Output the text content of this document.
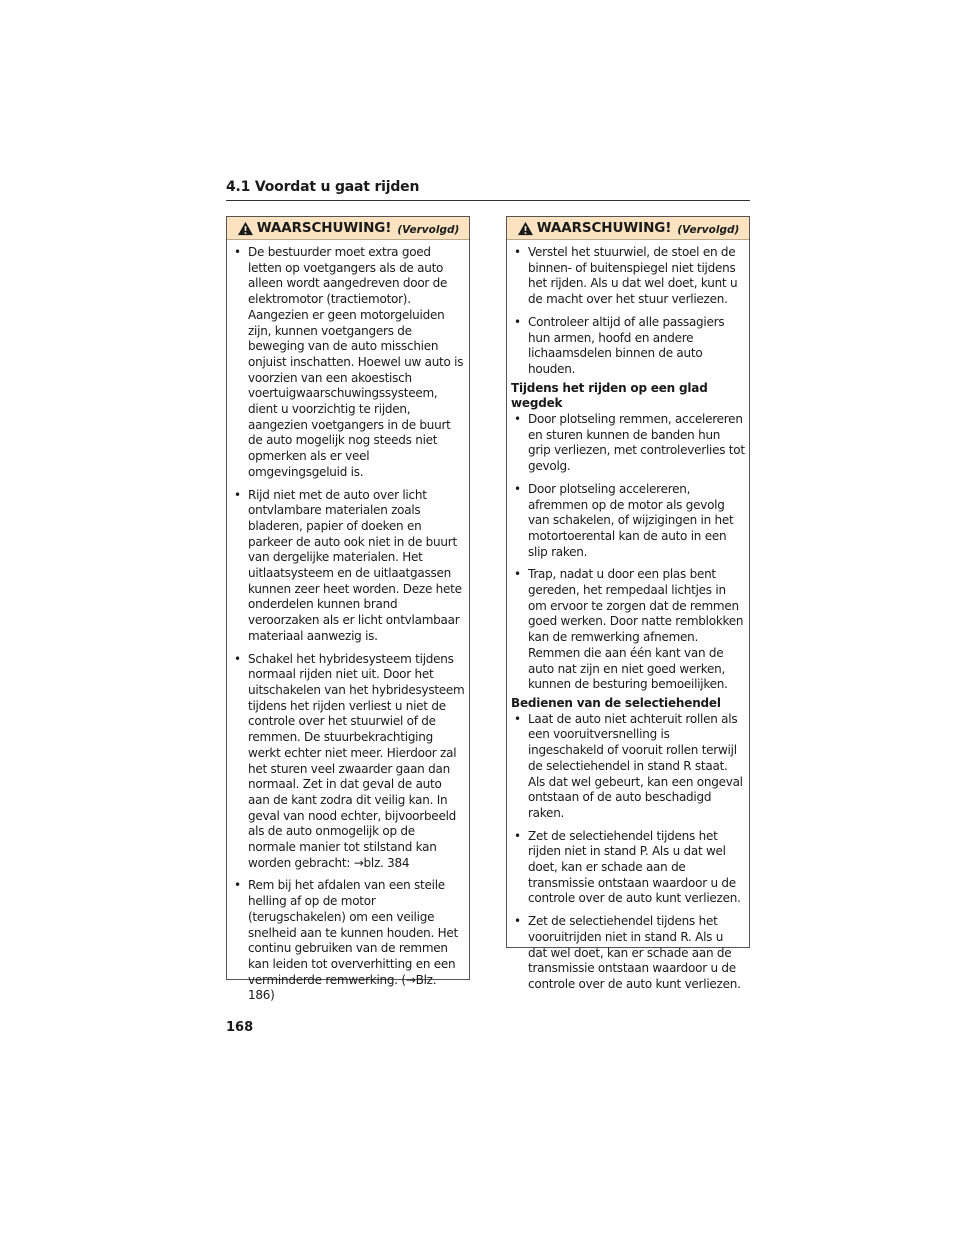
4.1 Voordat u gaat rijden
WAARSCHUWING! (Vervolgd)
• De bestuurder moet extra goed letten op voetgangers als de auto alleen wordt aangedreven door de elektromotor (tractiemotor). Aangezien er geen motorgeluiden zijn, kunnen voetgangers de beweging van de auto misschien onjuist inschatten. Hoewel uw auto is voorzien van een akoestisch voertuigwaarschuwingssysteem, dient u voorzichtig te rijden, aangezien voetgangers in de buurt de auto mogelijk nog steeds niet opmerken als er veel omgevingsgeluid is.
• Rijd niet met de auto over licht ontvlambare materialen zoals bladeren, papier of doeken en parkeer de auto ook niet in de buurt van dergelijke materialen. Het uitlaatsysteem en de uitlaatgassen kunnen zeer heet worden. Deze hete onderdelen kunnen brand veroorzaken als er licht ontvlambaar materiaal aanwezig is.
• Schakel het hybridesysteem tijdens normaal rijden niet uit. Door het uitschakelen van het hybridesysteem tijdens het rijden verliest u niet de controle over het stuurwiel of de remmen. De stuurbekrachtiging werkt echter niet meer. Hierdoor zal het sturen veel zwaarder gaan dan normaal. Zet in dat geval de auto aan de kant zodra dit veilig kan. In geval van nood echter, bijvoorbeeld als de auto onmogelijk op de normale manier tot stilstand kan worden gebracht: →blz. 384
• Rem bij het afdalen van een steile helling af op de motor (terugschakelen) om een veilige snelheid aan te kunnen houden. Het continu gebruiken van de remmen kan leiden tot oververhitting en een verminderde remwerking. (→Blz. 186)
WAARSCHUWING! (Vervolgd)
• Verstel het stuurwiel, de stoel en de binnen- of buitenspiegel niet tijdens het rijden. Als u dat wel doet, kunt u de macht over het stuur verliezen.
• Controleer altijd of alle passagiers hun armen, hoofd en andere lichaamsdelen binnen de auto houden.
Tijdens het rijden op een glad wegdek
• Door plotseling remmen, accelereren en sturen kunnen de banden hun grip verliezen, met controleverlies tot gevolg.
• Door plotseling accelereren, afremmen op de motor als gevolg van schakelen, of wijzigingen in het motortoerental kan de auto in een slip raken.
• Trap, nadat u door een plas bent gereden, het rempedaal lichtjes in om ervoor te zorgen dat de remmen goed werken. Door natte remblokken kan de remwerking afnemen. Remmen die aan één kant van de auto nat zijn en niet goed werken, kunnen de besturing bemoeilijken.
Bedienen van de selectiehendel
• Laat de auto niet achteruit rollen als een vooruitversnelling is ingeschakeld of vooruit rollen terwijl de selectiehendel in stand R staat. Als dat wel gebeurt, kan een ongeval ontstaan of de auto beschadigd raken.
• Zet de selectiehendel tijdens het rijden niet in stand P. Als u dat wel doet, kan er schade aan de transmissie ontstaan waardoor u de controle over de auto kunt verliezen.
• Zet de selectiehendel tijdens het vooruitrijden niet in stand R. Als u dat wel doet, kan er schade aan de transmissie ontstaan waardoor u de controle over de auto kunt verliezen.
168
